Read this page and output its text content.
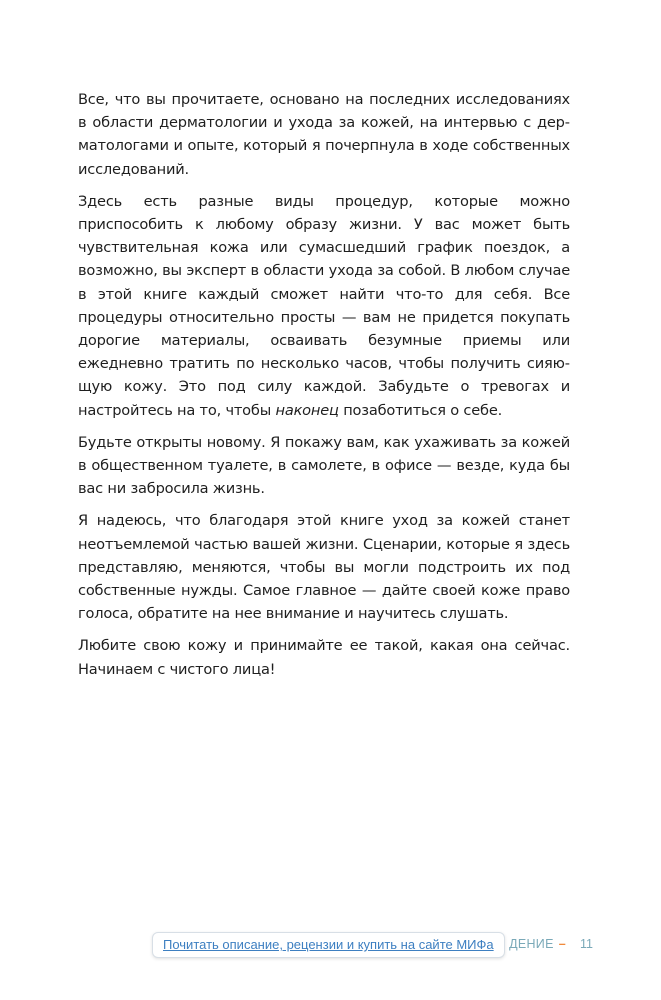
Все, что вы прочитаете, основано на последних исследованиях в области дерматологии и ухода за кожей, на интервью с дерматологами и опыте, который я почерпнула в ходе собственных исследований.

Здесь есть разные виды процедур, которые можно приспособить к любому образу жизни. У вас может быть чувствительная кожа или сумасшедший график поездок, а возможно, вы эксперт в области ухода за собой. В любом случае в этой книге каждый сможет найти что-то для себя. Все процедуры относительно просты — вам не придется покупать дорогие материалы, осваивать безумные приемы или ежедневно тратить по несколько часов, чтобы получить сияющую кожу. Это под силу каждой. Забудьте о тревогах и настройтесь на то, чтобы наконец позаботиться о себе.

Будьте открыты новому. Я покажу вам, как ухаживать за кожей в общественном туалете, в самолете, в офисе — везде, куда бы вас ни забросила жизнь.

Я надеюсь, что благодаря этой книге уход за кожей станет неотъемлемой частью вашей жизни. Сценарии, которые я здесь представляю, меняются, чтобы вы могли подстроить их под собственные нужды. Самое главное — дайте своей коже право голоса, обратите на нее внимание и научитесь слушать.

Любите свою кожу и принимайте ее такой, какая она сейчас. Начинаем с чистого лица!

ДЕНИЕ –	11
Почитать описание, рецензии и купить на сайте МИФа
